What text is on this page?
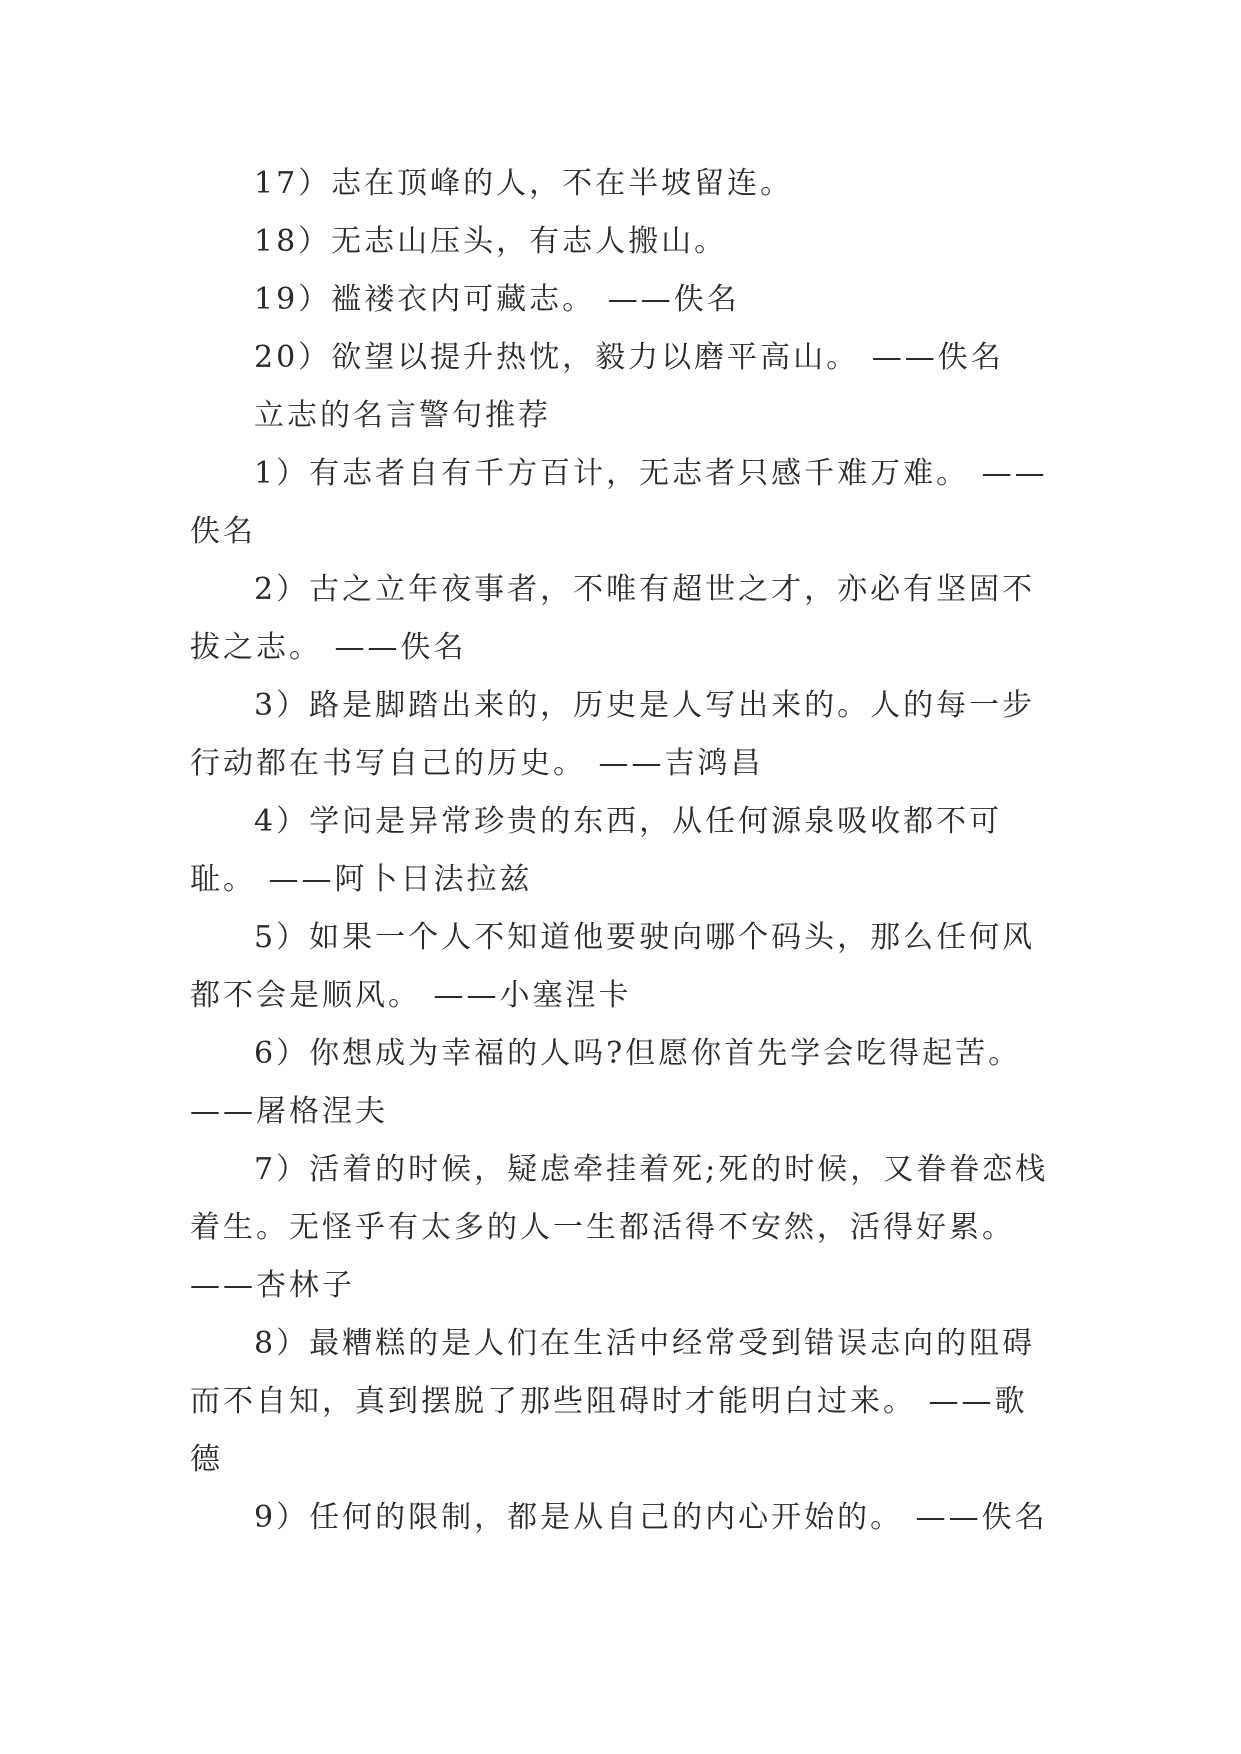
17）志在顶峰的人，不在半坡留连。

18）无志山压头，有志人搬山。

19）褴褛衣内可藏志。 ——佚名

20）欲望以提升热忱，毅力以磨平高山。 ——佚名

立志的名言警句推荐

1）有志者自有千方百计，无志者只感千难万难。 ——佚名

2）古之立年夜事者，不唯有超世之才，亦必有坚固不拔之志。 ——佚名

3）路是脚踏出来的，历史是人写出来的。人的每一步行动都在书写自己的历史。 ——吉鸿昌

4）学问是异常珍贵的东西，从任何源泉吸收都不可耻。 ——阿卜日法拉兹

5）如果一个人不知道他要驶向哪个码头，那么任何风都不会是顺风。 ——小塞涅卡

6）你想成为幸福的人吗?但愿你首先学会吃得起苦。 ——屠格涅夫

7）活着的时候，疑虑牵挂着死;死的时候，又眷眷恋栈着生。无怪乎有太多的人一生都活得不安然，活得好累。 ——杏林子

8）最糟糕的是人们在生活中经常受到错误志向的阻碍而不自知，真到摆脱了那些阻碍时才能明白过来。 ——歌德

9）任何的限制，都是从自己的内心开始的。 ——佚名
